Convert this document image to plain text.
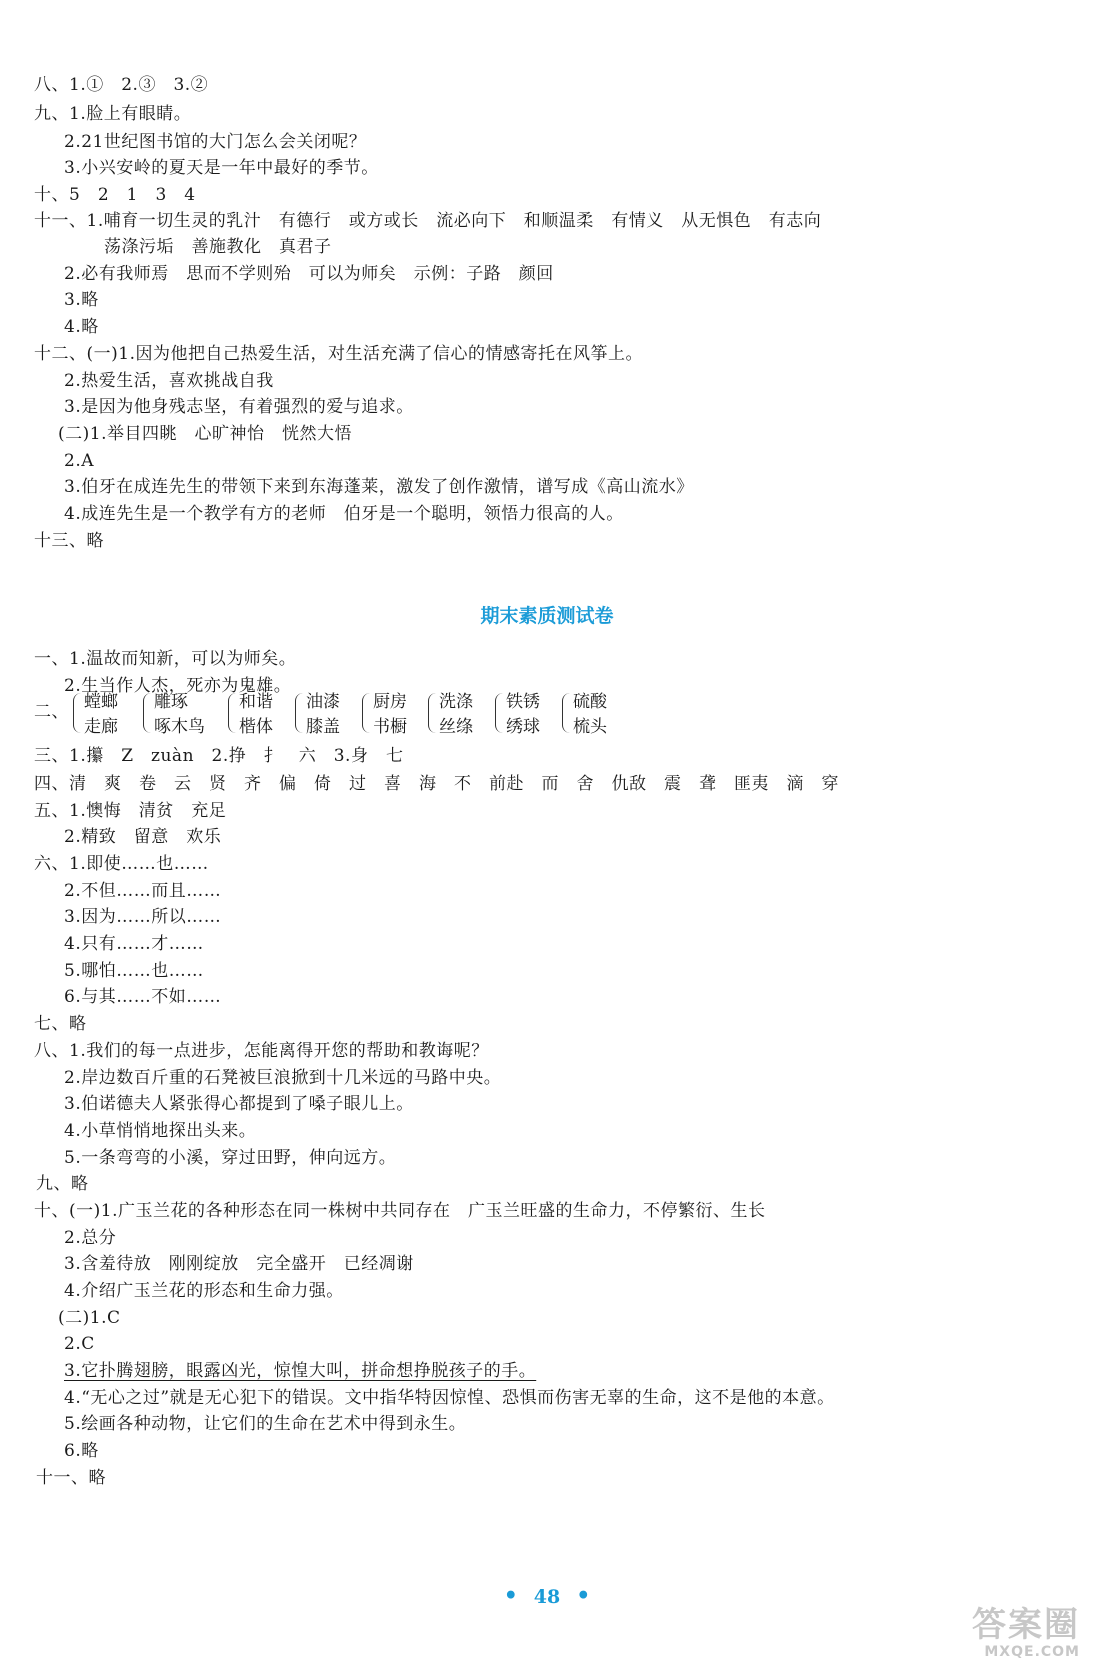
八、1.①　2.③　3.②
九、1.脸上有眼睛。
2.21世纪图书馆的大门怎么会关闭呢？
3.小兴安岭的夏天是一年中最好的季节。
十、5　2　1　3　4
十一、1.哺育一切生灵的乳汁　有德行　或方或长　流必向下　和顺温柔　有情义　从无惧色　有志向
荡涤污垢　善施教化　真君子
2.必有我师焉　思而不学则殆　可以为师矣　示例：子路　颜回
3.略
4.略
十二、(一)1.因为他把自己热爱生活，对生活充满了信心的情感寄托在风筝上。
2.热爱生活，喜欢挑战自我
3.是因为他身残志坚，有着强烈的爱与追求。
(二)1.举目四眺　心旷神怡　恍然大悟
2.A
3.伯牙在成连先生的带领下来到东海蓬莱，激发了创作激情，谱写成《高山流水》
4.成连先生是一个教学有方的老师　伯牙是一个聪明，领悟力很高的人。
十三、略
期末素质测试卷
一、1.温故而知新，可以为师矣。
2.生当作人杰，死亦为鬼雄。
二、 螳螂
走廊
雕琢
啄木鸟
和谐
楷体
油漆
膝盖
厨房
书橱
洗涤
丝绦
铁锈
绣球
硫酸
梳头
三、1.攥　Z　zuàn　2.挣　扌　六　3.身　七
四、清　爽　卷　云　贤　齐　偏　倚　过　喜　海　不　前赴　而　舍　仇敌　震　聋　匪夷　滴　穿
五、1.懊悔　清贫　充足
2.精致　留意　欢乐
六、1.即使……也……
2.不但……而且……
3.因为……所以……
4.只有……才……
5.哪怕……也……
6.与其……不如……
七、略
八、1.我们的每一点进步，怎能离得开您的帮助和教诲呢？
2.岸边数百斤重的石凳被巨浪掀到十几米远的马路中央。
3.伯诺德夫人紧张得心都提到了嗓子眼儿上。
4.小草悄悄地探出头来。
5.一条弯弯的小溪，穿过田野，伸向远方。
九、略
十、(一)1.广玉兰花的各种形态在同一株树中共同存在　广玉兰旺盛的生命力，不停繁衍、生长
2.总分
3.含羞待放　刚刚绽放　完全盛开　已经凋谢
4.介绍广玉兰花的形态和生命力强。
(二)1.C
2.C
3.它扑腾翅膀，眼露凶光，惊惶大叫，拼命想挣脱孩子的手。
4.“无心之过”就是无心犯下的错误。文中指华特因惊惶、恐惧而伤害无辜的生命，这不是他的本意。
5.绘画各种动物，让它们的生命在艺术中得到永生。
6.略
十一、略
• 48 •
答案圈
MXQE.COM
